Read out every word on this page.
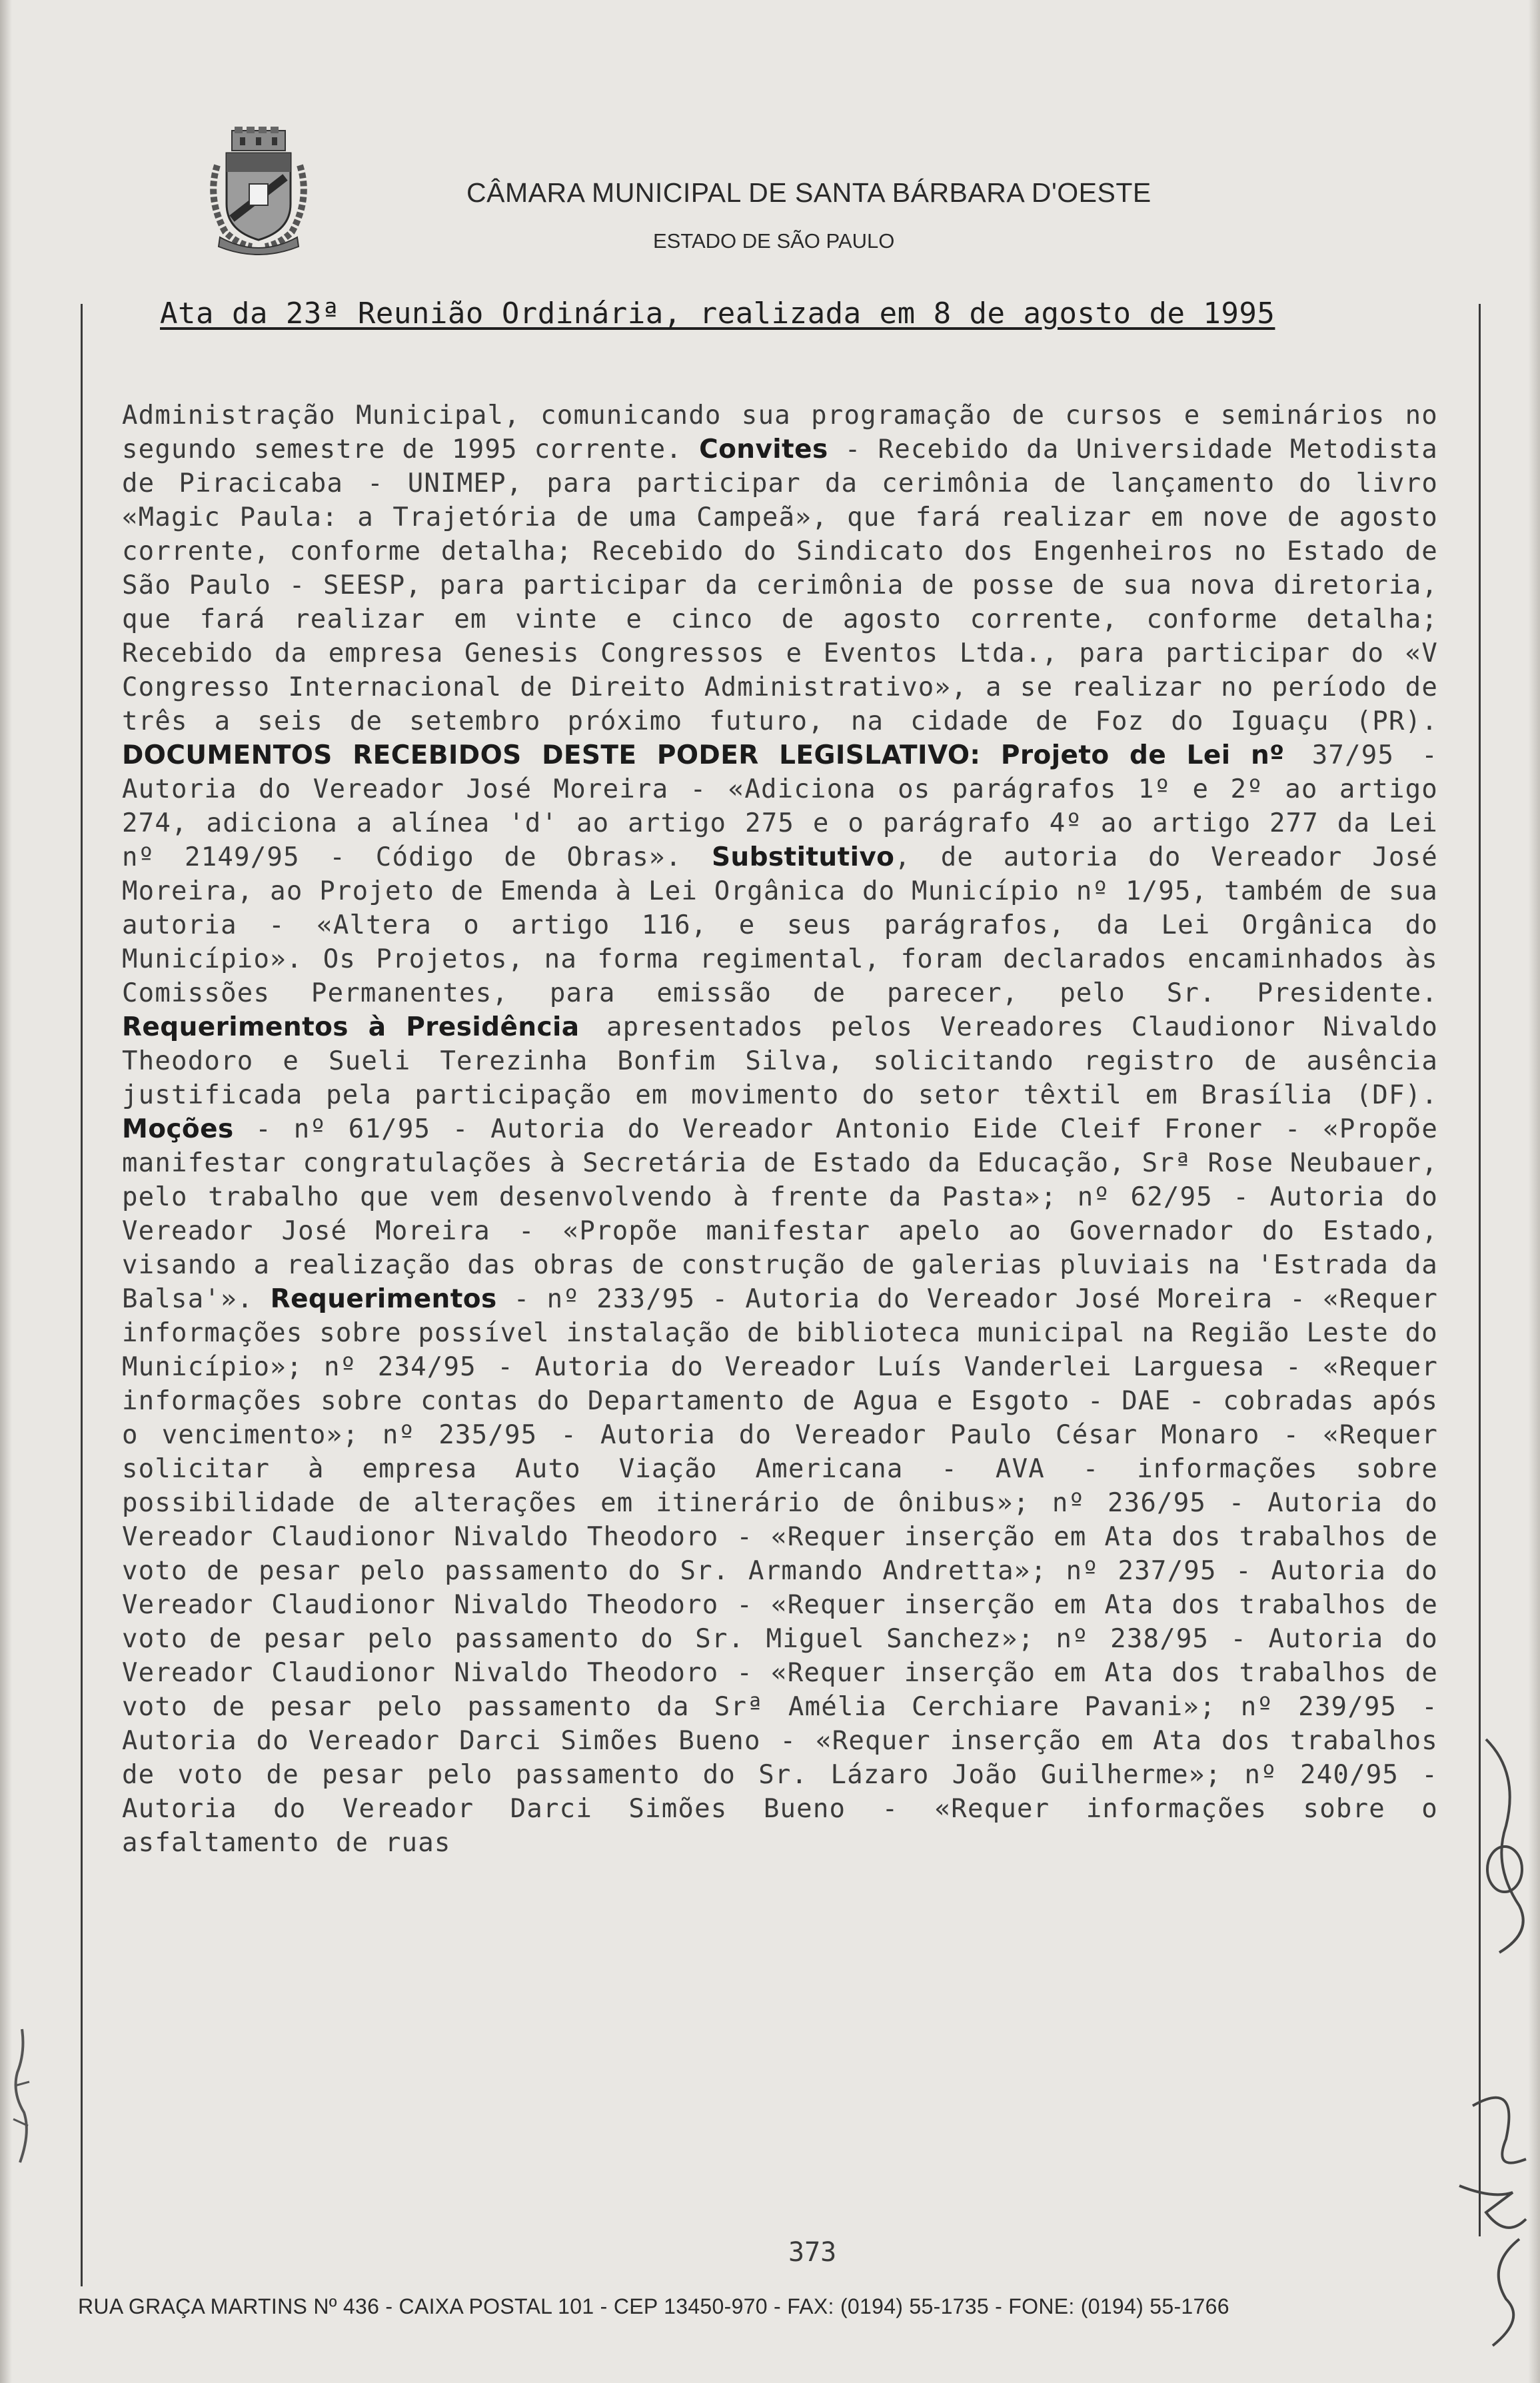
CÂMARA MUNICIPAL DE SANTA BÁRBARA D'OESTE
ESTADO DE SÃO PAULO
Ata da 23ª Reunião Ordinária, realizada em 8 de agosto de 1995
Administração Municipal, comunicando sua programação de cursos e seminários no segundo semestre de 1995 corrente. Convites - Recebido da Universidade Metodista de Piracicaba - UNIMEP, para participar da cerimônia de lançamento do livro «Magic Paula: a Trajetória de uma Campeã», que fará realizar em nove de agosto corrente, conforme detalha; Recebido do Sindicato dos Engenheiros no Estado de São Paulo - SEESP, para participar da cerimônia de posse de sua nova diretoria, que fará realizar em vinte e cinco de agosto corrente, conforme detalha; Recebido da empresa Genesis Congressos e Eventos Ltda., para participar do «V Congresso Internacional de Direito Administrativo», a se realizar no período de três a seis de setembro próximo futuro, na cidade de Foz do Iguaçu (PR). DOCUMENTOS RECEBIDOS DESTE PODER LEGISLATIVO: Projeto de Lei nº 37/95 - Autoria do Vereador José Moreira - «Adiciona os parágrafos 1º e 2º ao artigo 274, adiciona a alínea 'd' ao artigo 275 e o parágrafo 4º ao artigo 277 da Lei nº 2149/95 - Código de Obras». Substitutivo, de autoria do Vereador José Moreira, ao Projeto de Emenda à Lei Orgânica do Município nº 1/95, também de sua autoria - «Altera o artigo 116, e seus parágrafos, da Lei Orgânica do Município». Os Projetos, na forma regimental, foram declarados encaminhados às Comissões Permanentes, para emissão de parecer, pelo Sr. Presidente. Requerimentos à Presidência apresentados pelos Vereadores Claudionor Nivaldo Theodoro e Sueli Terezinha Bonfim Silva, solicitando registro de ausência justificada pela participação em movimento do setor têxtil em Brasília (DF). Moções - nº 61/95 - Autoria do Vereador Antonio Eide Cleif Froner - «Propõe manifestar congratulações à Secretária de Estado da Educação, Srª Rose Neubauer, pelo trabalho que vem desenvolvendo à frente da Pasta»; nº 62/95 - Autoria do Vereador José Moreira - «Propõe manifestar apelo ao Governador do Estado, visando a realização das obras de construção de galerias pluviais na 'Estrada da Balsa'». Requerimentos - nº 233/95 - Autoria do Vereador José Moreira - «Requer informações sobre possível instalação de biblioteca municipal na Região Leste do Município»; nº 234/95 - Autoria do Vereador Luís Vanderlei Larguesa - «Requer informações sobre contas do Departamento de Agua e Esgoto - DAE - cobradas após o vencimento»; nº 235/95 - Autoria do Vereador Paulo César Monaro - «Requer solicitar à empresa Auto Viação Americana - AVA - informações sobre possibilidade de alterações em itinerário de ônibus»; nº 236/95 - Autoria do Vereador Claudionor Nivaldo Theodoro - «Requer inserção em Ata dos trabalhos de voto de pesar pelo passamento do Sr. Armando Andretta»; nº 237/95 - Autoria do Vereador Claudionor Nivaldo Theodoro - «Requer inserção em Ata dos trabalhos de voto de pesar pelo passamento do Sr. Miguel Sanchez»; nº 238/95 - Autoria do Vereador Claudionor Nivaldo Theodoro - «Requer inserção em Ata dos trabalhos de voto de pesar pelo passamento da Srª Amélia Cerchiare Pavani»; nº 239/95 - Autoria do Vereador Darci Simões Bueno - «Requer inserção em Ata dos trabalhos de voto de pesar pelo passamento do Sr. Lázaro João Guilherme»; nº 240/95 - Autoria do Vereador Darci Simões Bueno - «Requer informações sobre o asfaltamento de ruas
373
RUA GRAÇA MARTINS Nº 436 - CAIXA POSTAL 101 - CEP 13450-970 - FAX: (0194) 55-1735 - FONE: (0194) 55-1766
